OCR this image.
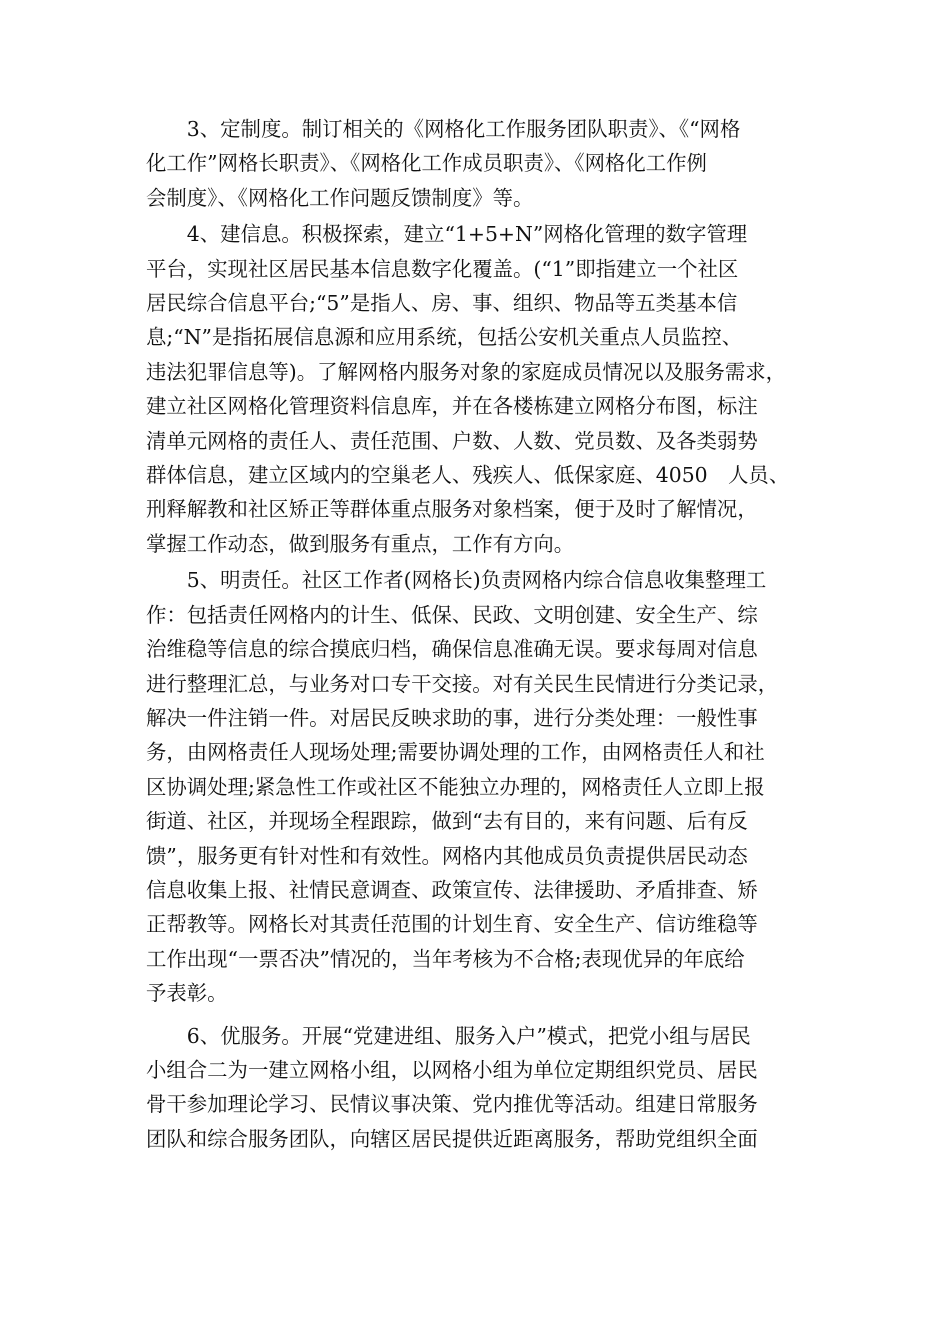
3、定制度。制订相关的《网格化工作服务团队职责》、《“网格
化工作”网格长职责》、《网格化工作成员职责》、《网格化工作例
会制度》、《网格化工作问题反馈制度》等。

4、建信息。积极探索，建立“1+5+N”网格化管理的数字管理
平台，实现社区居民基本信息数字化覆盖。(“1”即指建立一个社区
居民综合信息平台;“5”是指人、房、事、组织、物品等五类基本信
息;“N”是指拓展信息源和应用系统，包括公安机关重点人员监控、
违法犯罪信息等)。了解网格内服务对象的家庭成员情况以及服务需求，
建立社区网格化管理资料信息库，并在各楼栋建立网格分布图，标注
清单元网格的责任人、责任范围、户数、人数、党员数、及各类弱势
群体信息，建立区域内的空巢老人、残疾人、低保家庭、4050　人员、
刑释解教和社区矫正等群体重点服务对象档案，便于及时了解情况，
掌握工作动态，做到服务有重点，工作有方向。

5、明责任。社区工作者(网格长)负责网格内综合信息收集整理工
作：包括责任网格内的计生、低保、民政、文明创建、安全生产、综
治维稳等信息的综合摸底归档，确保信息准确无误。要求每周对信息
进行整理汇总，与业务对口专干交接。对有关民生民情进行分类记录，
解决一件注销一件。对居民反映求助的事，进行分类处理：一般性事
务，由网格责任人现场处理;需要协调处理的工作，由网格责任人和社
区协调处理;紧急性工作或社区不能独立办理的，网格责任人立即上报
街道、社区，并现场全程跟踪，做到“去有目的，来有问题、后有反
馈”，服务更有针对性和有效性。网格内其他成员负责提供居民动态
信息收集上报、社情民意调查、政策宣传、法律援助、矛盾排查、矫
正帮教等。网格长对其责任范围的计划生育、安全生产、信访维稳等
工作出现“一票否决”情况的，当年考核为不合格;表现优异的年底给
予表彰。

6、优服务。开展“党建进组、服务入户”模式，把党小组与居民
小组合二为一建立网格小组，以网格小组为单位定期组织党员、居民
骨干参加理论学习、民情议事决策、党内推优等活动。组建日常服务
团队和综合服务团队，向辖区居民提供近距离服务，帮助党组织全面
